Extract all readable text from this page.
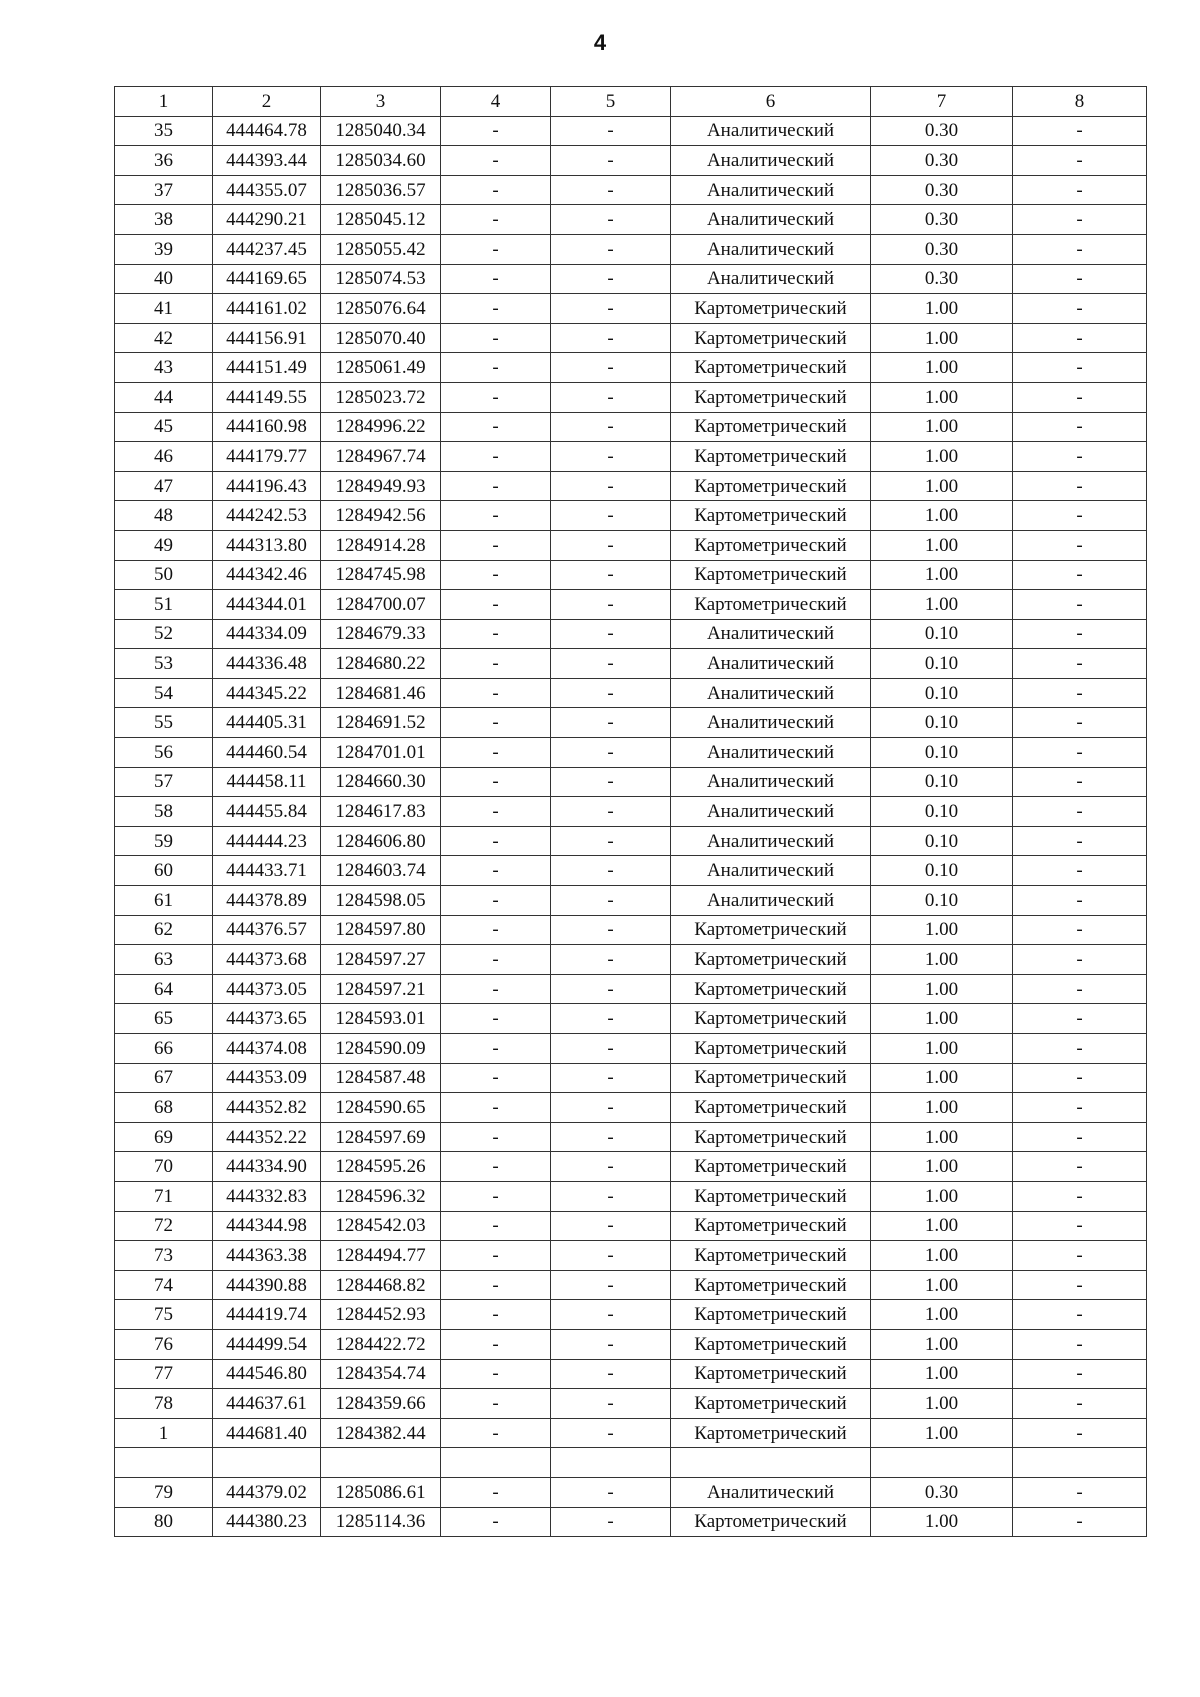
4
1	2	3	4	5	6	7	8
35	444464.78	1285040.34	-	-	Аналитический	0.30	-
36	444393.44	1285034.60	-	-	Аналитический	0.30	-
37	444355.07	1285036.57	-	-	Аналитический	0.30	-
38	444290.21	1285045.12	-	-	Аналитический	0.30	-
39	444237.45	1285055.42	-	-	Аналитический	0.30	-
40	444169.65	1285074.53	-	-	Аналитический	0.30	-
41	444161.02	1285076.64	-	-	Картометрический	1.00	-
42	444156.91	1285070.40	-	-	Картометрический	1.00	-
43	444151.49	1285061.49	-	-	Картометрический	1.00	-
44	444149.55	1285023.72	-	-	Картометрический	1.00	-
45	444160.98	1284996.22	-	-	Картометрический	1.00	-
46	444179.77	1284967.74	-	-	Картометрический	1.00	-
47	444196.43	1284949.93	-	-	Картометрический	1.00	-
48	444242.53	1284942.56	-	-	Картометрический	1.00	-
49	444313.80	1284914.28	-	-	Картометрический	1.00	-
50	444342.46	1284745.98	-	-	Картометрический	1.00	-
51	444344.01	1284700.07	-	-	Картометрический	1.00	-
52	444334.09	1284679.33	-	-	Аналитический	0.10	-
53	444336.48	1284680.22	-	-	Аналитический	0.10	-
54	444345.22	1284681.46	-	-	Аналитический	0.10	-
55	444405.31	1284691.52	-	-	Аналитический	0.10	-
56	444460.54	1284701.01	-	-	Аналитический	0.10	-
57	444458.11	1284660.30	-	-	Аналитический	0.10	-
58	444455.84	1284617.83	-	-	Аналитический	0.10	-
59	444444.23	1284606.80	-	-	Аналитический	0.10	-
60	444433.71	1284603.74	-	-	Аналитический	0.10	-
61	444378.89	1284598.05	-	-	Аналитический	0.10	-
62	444376.57	1284597.80	-	-	Картометрический	1.00	-
63	444373.68	1284597.27	-	-	Картометрический	1.00	-
64	444373.05	1284597.21	-	-	Картометрический	1.00	-
65	444373.65	1284593.01	-	-	Картометрический	1.00	-
66	444374.08	1284590.09	-	-	Картометрический	1.00	-
67	444353.09	1284587.48	-	-	Картометрический	1.00	-
68	444352.82	1284590.65	-	-	Картометрический	1.00	-
69	444352.22	1284597.69	-	-	Картометрический	1.00	-
70	444334.90	1284595.26	-	-	Картометрический	1.00	-
71	444332.83	1284596.32	-	-	Картометрический	1.00	-
72	444344.98	1284542.03	-	-	Картометрический	1.00	-
73	444363.38	1284494.77	-	-	Картометрический	1.00	-
74	444390.88	1284468.82	-	-	Картометрический	1.00	-
75	444419.74	1284452.93	-	-	Картометрический	1.00	-
76	444499.54	1284422.72	-	-	Картометрический	1.00	-
77	444546.80	1284354.74	-	-	Картометрический	1.00	-
78	444637.61	1284359.66	-	-	Картометрический	1.00	-
1	444681.40	1284382.44	-	-	Картометрический	1.00	-

79	444379.02	1285086.61	-	-	Аналитический	0.30	-
80	444380.23	1285114.36	-	-	Картометрический	1.00	-
